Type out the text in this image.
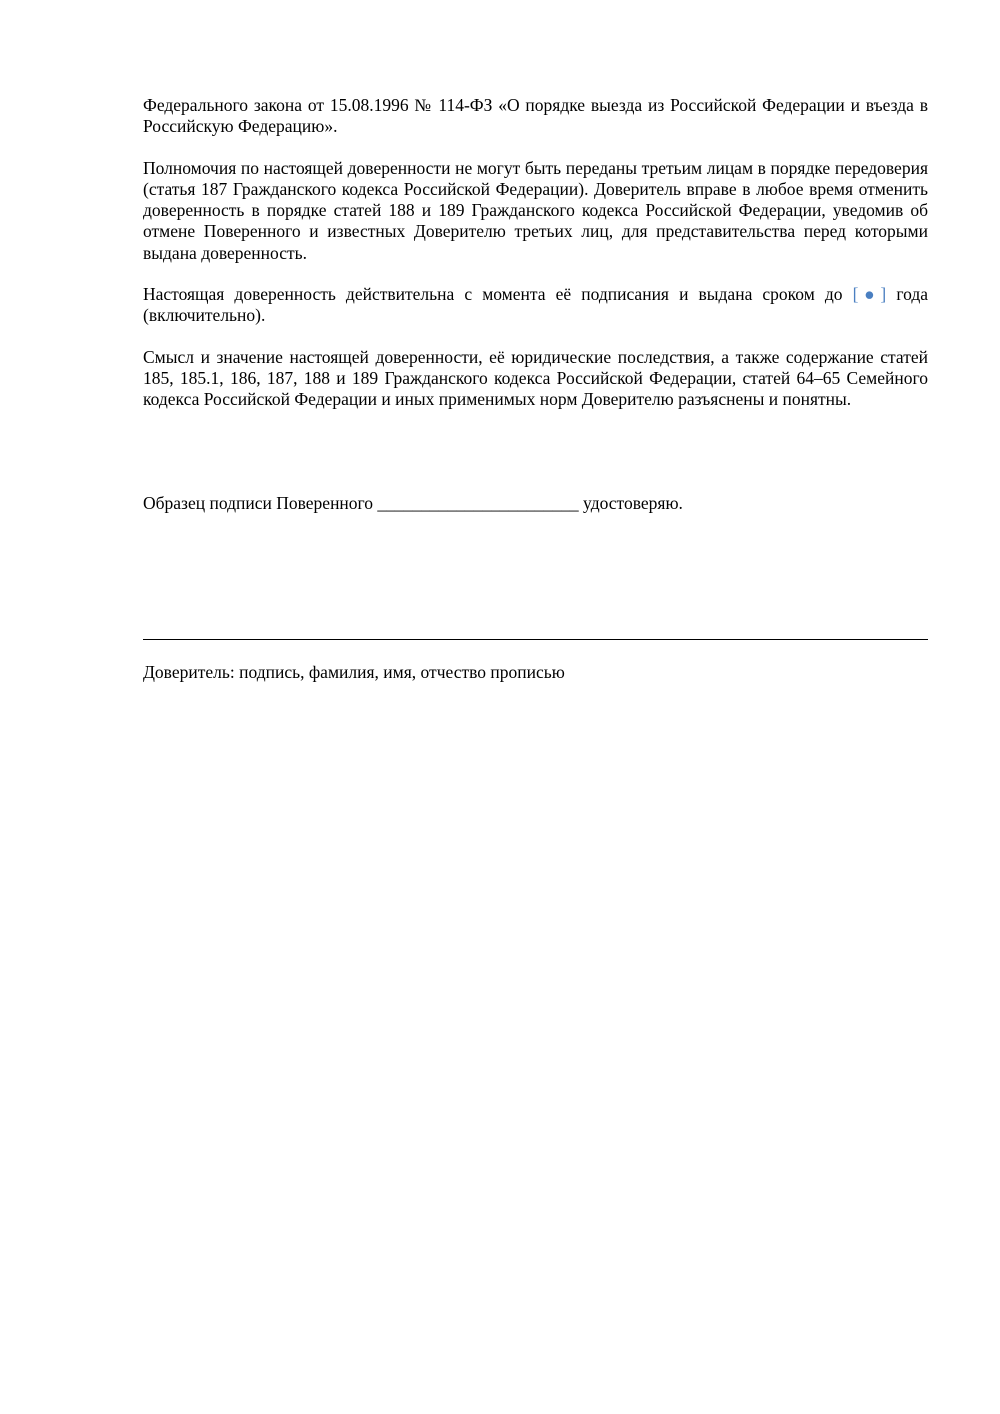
Федерального закона от 15.08.1996 № 114-ФЗ «О порядке выезда из Российской Федерации и въезда в Российскую Федерацию».

Полномочия по настоящей доверенности не могут быть переданы третьим лицам в порядке передоверия (статья 187 Гражданского кодекса Российской Федерации). Доверитель вправе в любое время отменить доверенность в порядке статей 188 и 189 Гражданского кодекса Российской Федерации, уведомив об отмене Поверенного и известных Доверителю третьих лиц, для представительства перед которыми выдана доверенность.

Настоящая доверенность действительна с момента её подписания и выдана сроком до [●] года (включительно).

Смысл и значение настоящей доверенности, её юридические последствия, а также содержание статей 185, 185.1, 186, 187, 188 и 189 Гражданского кодекса Российской Федерации, статей 64–65 Семейного кодекса Российской Федерации и иных применимых норм Доверителю разъяснены и понятны.

Образец подписи Поверенного _______________________ удостоверяю.
Доверитель: подпись, фамилия, имя, отчество прописью
